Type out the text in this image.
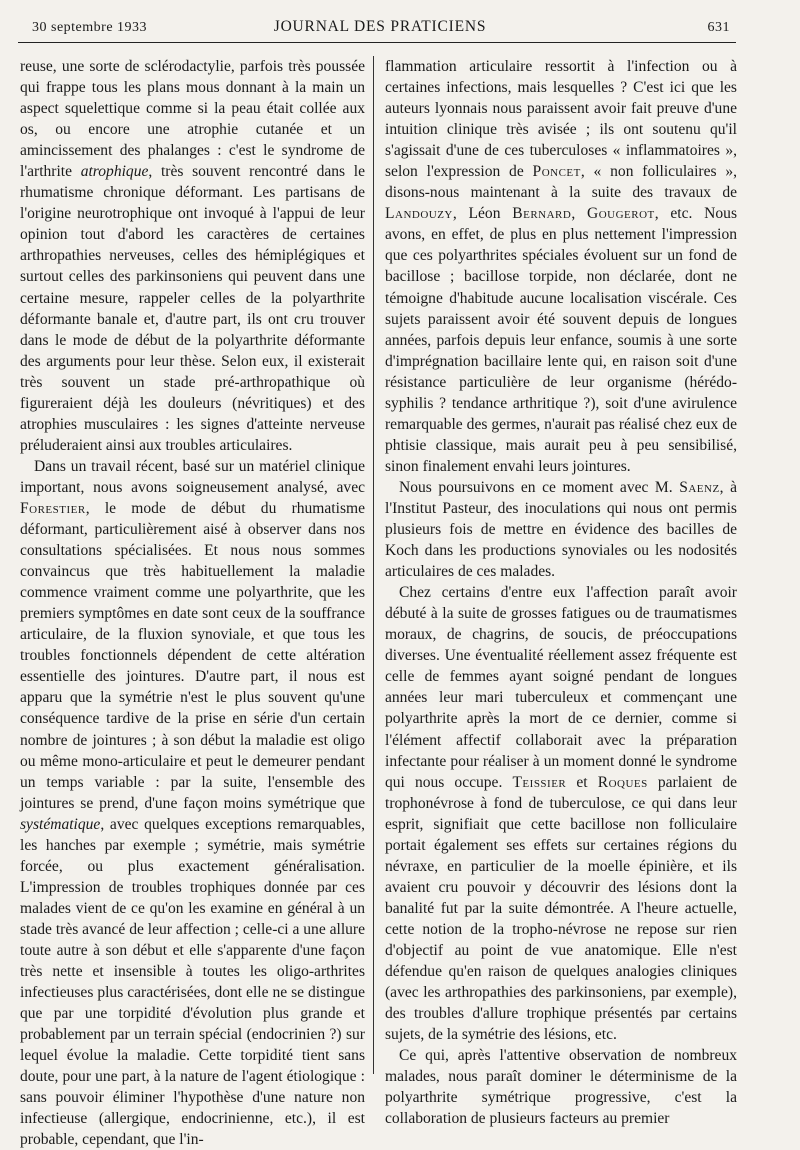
30 septembre 1933	JOURNAL DES PRATICIENS	631

reuse, une sorte de sclérodactylie, parfois très poussée qui frappe tous les plans mous donnant à la main un aspect squelettique comme si la peau était collée aux os, ou encore une atrophie cutanée et un amincissement des phalanges : c'est le syndrome de l'arthrite atrophique, très souvent rencontré dans le rhumatisme chronique déformant. Les partisans de l'origine neurotrophique ont invoqué à l'appui de leur opinion tout d'abord les caractères de certaines arthropathies nerveuses, celles des hémiplégiques et surtout celles des parkinsoniens qui peuvent dans une certaine mesure, rappeler celles de la polyarthrite déformante banale et, d'autre part, ils ont cru trouver dans le mode de début de la polyarthrite déformante des arguments pour leur thèse. Selon eux, il existerait très souvent un stade pré-arthropathique où figureraient déjà les douleurs (névritiques) et des atrophies musculaires : les signes d'atteinte nerveuse préluderaient ainsi aux troubles articulaires.

Dans un travail récent, basé sur un matériel clinique important, nous avons soigneusement analysé, avec Forestier, le mode de début du rhumatisme déformant, particulièrement aisé à observer dans nos consultations spécialisées. Et nous nous sommes convaincus que très habituellement la maladie commence vraiment comme une polyarthrite, que les premiers symptômes en date sont ceux de la souffrance articulaire, de la fluxion synoviale, et que tous les troubles fonctionnels dépendent de cette altération essentielle des jointures. D'autre part, il nous est apparu que la symétrie n'est le plus souvent qu'une conséquence tardive de la prise en série d'un certain nombre de jointures ; à son début la maladie est oligo ou même mono-articulaire et peut le demeurer pendant un temps variable : par la suite, l'ensemble des jointures se prend, d'une façon moins symétrique que systématique, avec quelques exceptions remarquables, les hanches par exemple ; symétrie, mais symétrie forcée, ou plus exactement généralisation. L'impression de troubles trophiques donnée par ces malades vient de ce qu'on les examine en général à un stade très avancé de leur affection ; celle-ci a une allure toute autre à son début et elle s'apparente d'une façon très nette et insensible à toutes les oligo-arthrites infectieuses plus caractérisées, dont elle ne se distingue que par une torpidité d'évolution plus grande et probablement par un terrain spécial (endocrinien ?) sur lequel évolue la maladie. Cette torpidité tient sans doute, pour une part, à la nature de l'agent étiologique : sans pouvoir éliminer l'hypothèse d'une nature non infectieuse (allergique, endocrinienne, etc.), il est probable, cependant, que l'in-

flammation articulaire ressortit à l'infection ou à certaines infections, mais lesquelles ? C'est ici que les auteurs lyonnais nous paraissent avoir fait preuve d'une intuition clinique très avisée ; ils ont soutenu qu'il s'agissait d'une de ces tuberculoses « inflammatoires », selon l'expression de Poncet, « non folliculaires », disons-nous maintenant à la suite des travaux de Landouzy, Léon Bernard, Gougerot, etc. Nous avons, en effet, de plus en plus nettement l'impression que ces polyarthrites spéciales évoluent sur un fond de bacillose ; bacillose torpide, non déclarée, dont ne témoigne d'habitude aucune localisation viscérale. Ces sujets paraissent avoir été souvent depuis de longues années, parfois depuis leur enfance, soumis à une sorte d'imprégnation bacillaire lente qui, en raison soit d'une résistance particulière de leur organisme (hérédo-syphilis ? tendance arthritique ?), soit d'une avirulence remarquable des germes, n'aurait pas réalisé chez eux de phtisie classique, mais aurait peu à peu sensibilisé, sinon finalement envahi leurs jointures.

Nous poursuivons en ce moment avec M. Saenz, à l'Institut Pasteur, des inoculations qui nous ont permis plusieurs fois de mettre en évidence des bacilles de Koch dans les productions synoviales ou les nodosités articulaires de ces malades.

Chez certains d'entre eux l'affection paraît avoir débuté à la suite de grosses fatigues ou de traumatismes moraux, de chagrins, de soucis, de préoccupations diverses. Une éventualité réellement assez fréquente est celle de femmes ayant soigné pendant de longues années leur mari tuberculeux et commençant une polyarthrite après la mort de ce dernier, comme si l'élément affectif collaborait avec la préparation infectante pour réaliser à un moment donné le syndrome qui nous occupe. Teissier et Roques parlaient de trophonévrose à fond de tuberculose, ce qui dans leur esprit, signifiait que cette bacillose non folliculaire portait également ses effets sur certaines régions du névraxe, en particulier de la moelle épinière, et ils avaient cru pouvoir y découvrir des lésions dont la banalité fut par la suite démontrée. A l'heure actuelle, cette notion de la tropho-névrose ne repose sur rien d'objectif au point de vue anatomique. Elle n'est défendue qu'en raison de quelques analogies cliniques (avec les arthropathies des parkinsoniens, par exemple), des troubles d'allure trophique présentés par certains sujets, de la symétrie des lésions, etc.

Ce qui, après l'attentive observation de nombreux malades, nous paraît dominer le déterminisme de la polyarthrite symétrique progressive, c'est la collaboration de plusieurs facteurs au premier
